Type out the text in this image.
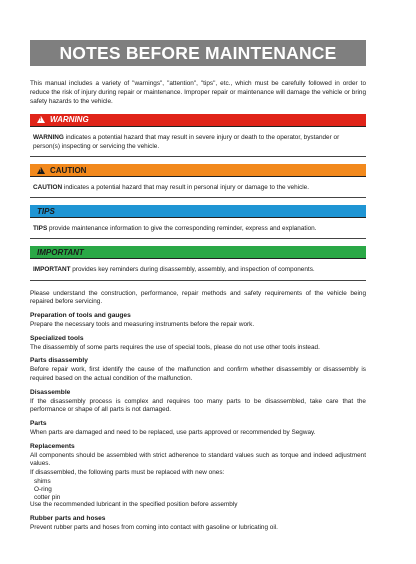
NOTES BEFORE MAINTENANCE
This manual includes a variety of "warnings", "attention", "tips", etc., which must be carefully followed in order to reduce the risk of injury during repair or maintenance. Improper repair or maintenance will damage the vehicle or bring safety hazards to the vehicle.
!
WARNING
WARNING indicates a potential hazard that may result in severe injury or death to the operator, bystander or person(s) inspecting or servicing the vehicle.
!
CAUTION
CAUTION indicates a potential hazard that may result in personal injury or damage to the vehicle.
TIPS
TIPS provide maintenance information to give the corresponding reminder, express and explanation.
IMPORTANT
IMPORTANT provides key reminders during disassembly, assembly, and inspection of components.
Please understand the construction, performance, repair methods and safety requirements of the vehicle being repaired before servicing.
Preparation of tools and gauges
Prepare the necessary tools and measuring instruments before the repair work.
Specialized tools
The disassembly of some parts requires the use of special tools, please do not use other tools instead.
Parts disassembly
Before repair work, first identify the cause of the malfunction and confirm whether disassembly or disassembly is required based on the actual condition of the malfunction.
Disassemble
If the disassembly process is complex and requires too many parts to be disassembled, take care that the performance or shape of all parts is not damaged.
Parts
When parts are damaged and need to be replaced, use parts approved or recommended by Segway.
Replacements
All components should be assembled with strict adherence to standard values such as torque and indeed adjustment values.
If disassembled, the following parts must be replaced with new ones:
shims
O-ring
cotter pin
Use the recommended lubricant in the specified position before assembly
Rubber parts and hoses
Prevent rubber parts and hoses from coming into contact with gasoline or lubricating oil.
